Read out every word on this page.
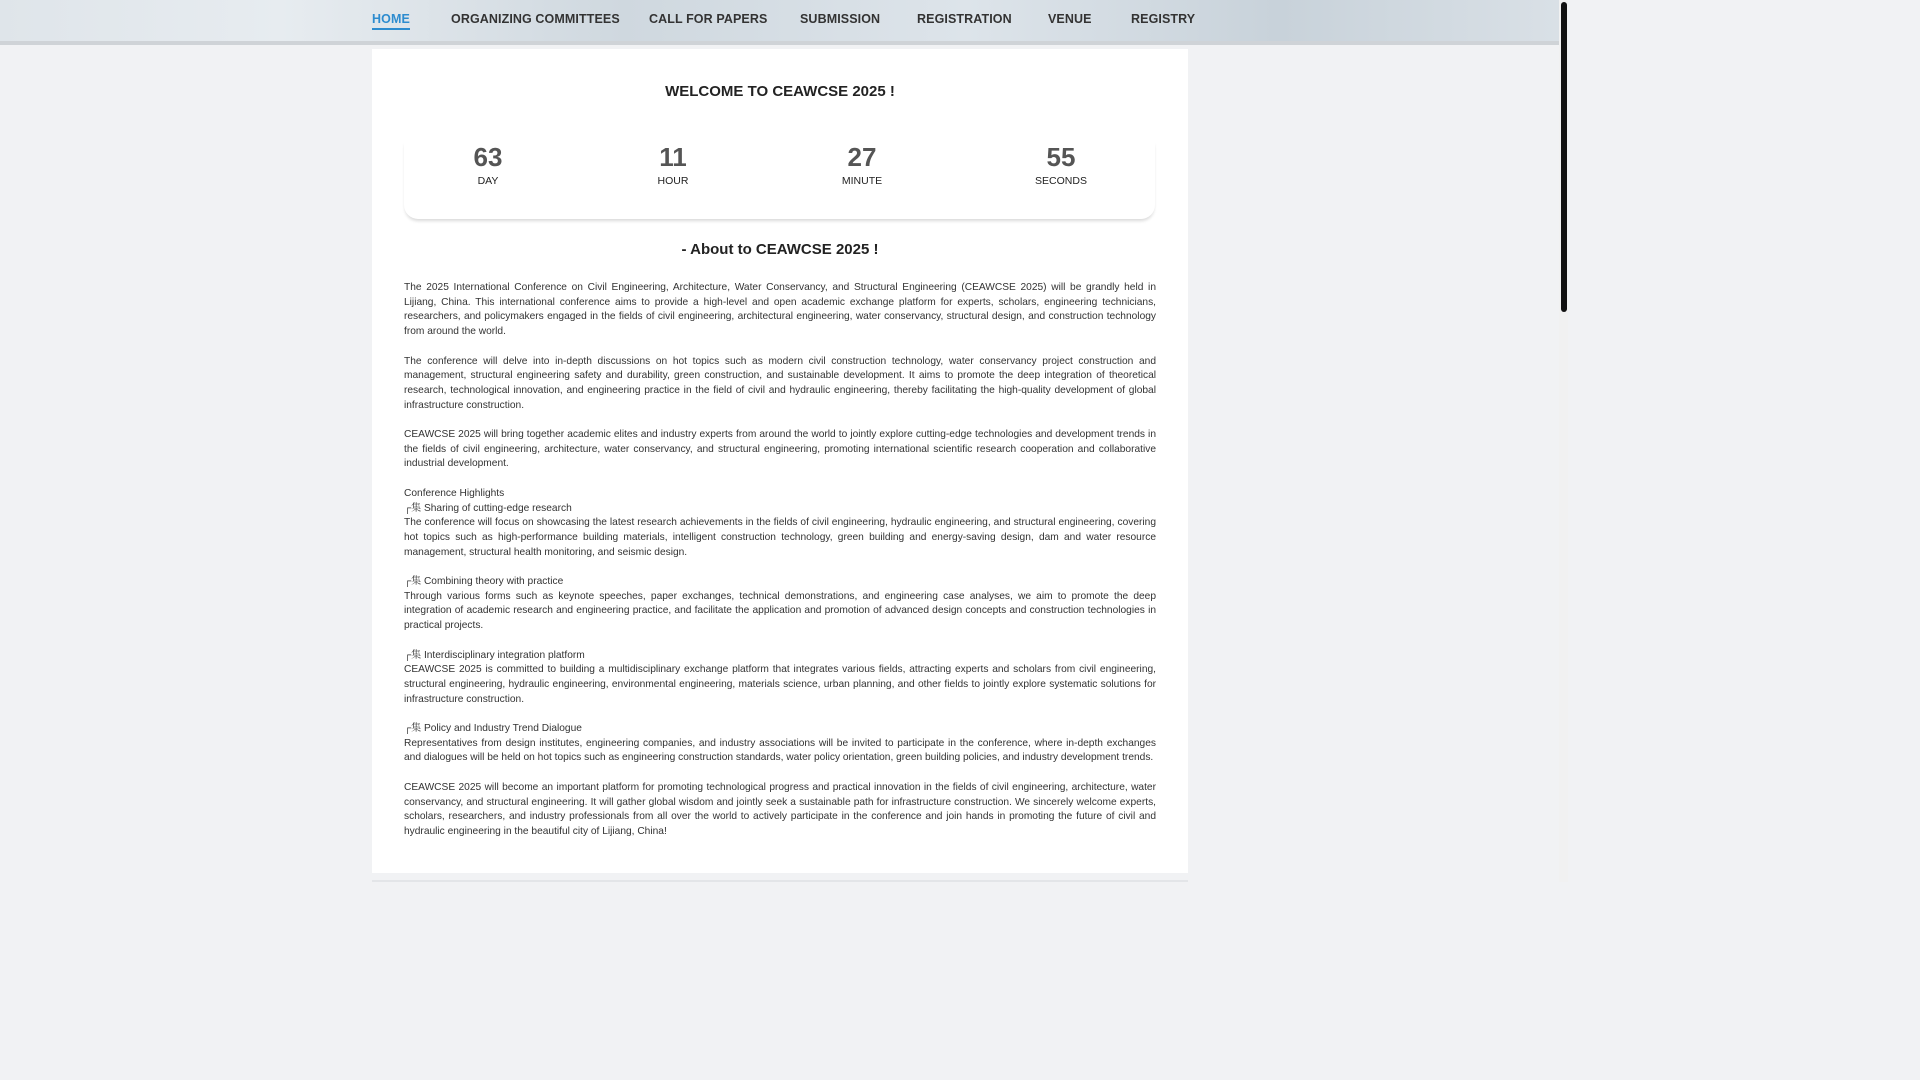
HOME	ORGANIZING COMMITTEES CALL FOR PAPERS	SUBMISSION	REGISTRATION	VENUE	REGISTRY
WELCOME TO CEAWCSE 2025 !
63
DAY
11
HOUR
27
MINUTE
55
SECONDS
- About to CEAWCSE 2025 !

The 2025 International Conference on Civil Engineering, Architecture, Water Conservancy, and Structural Engineering (CEAWCSE 2025) will be grandly held in Lijiang, China. This international conference aims to provide a high-level and open academic exchange platform for experts, scholars, engineering technicians, researchers, and policymakers engaged in the fields of civil engineering, architectural engineering, water conservancy, structural design, and construction technology from around the world.

The conference will delve into in-depth discussions on hot topics such as modern civil construction technology, water conservancy project construction and management, structural engineering safety and durability, green construction, and sustainable development. It aims to promote the deep integration of theoretical research, technological innovation, and engineering practice in the field of civil and hydraulic engineering, thereby facilitating the high-quality development of global infrastructure construction.

CEAWCSE 2025 will bring together academic elites and industry experts from around the world to jointly explore cutting-edge technologies and development trends in the fields of civil engineering, architecture, water conservancy, and structural engineering, promoting international scientific research cooperation and collaborative industrial development.

Conference Highlights
┌集 Sharing of cutting-edge research
The conference will focus on showcasing the latest research achievements in the fields of civil engineering, hydraulic engineering, and structural engineering, covering hot topics such as high-performance building materials, intelligent construction technology, green building and energy-saving design, dam and water resource management, structural health monitoring, and seismic design.

┌集 Combining theory with practice
Through various forms such as keynote speeches, paper exchanges, technical demonstrations, and engineering case analyses, we aim to promote the deep integration of academic research and engineering practice, and facilitate the application and promotion of advanced design concepts and construction technologies in practical projects.

┌集 Interdisciplinary integration platform
CEAWCSE 2025 is committed to building a multidisciplinary exchange platform that integrates various fields, attracting experts and scholars from civil engineering, structural engineering, hydraulic engineering, environmental engineering, materials science, urban planning, and other fields to jointly explore systematic solutions for infrastructure construction.

┌集 Policy and Industry Trend Dialogue
Representatives from design institutes, engineering companies, and industry associations will be invited to participate in the conference, where in-depth exchanges and dialogues will be held on hot topics such as engineering construction standards, water policy orientation, green building policies, and industry development trends.

CEAWCSE 2025 will become an important platform for promoting technological progress and practical innovation in the fields of civil engineering, architecture, water conservancy, and structural engineering. It will gather global wisdom and jointly seek a sustainable path for infrastructure construction. We sincerely welcome experts, scholars, researchers, and industry professionals from all over the world to actively participate in the conference and join hands in promoting the future of civil and hydraulic engineering in the beautiful city of Lijiang, China!
